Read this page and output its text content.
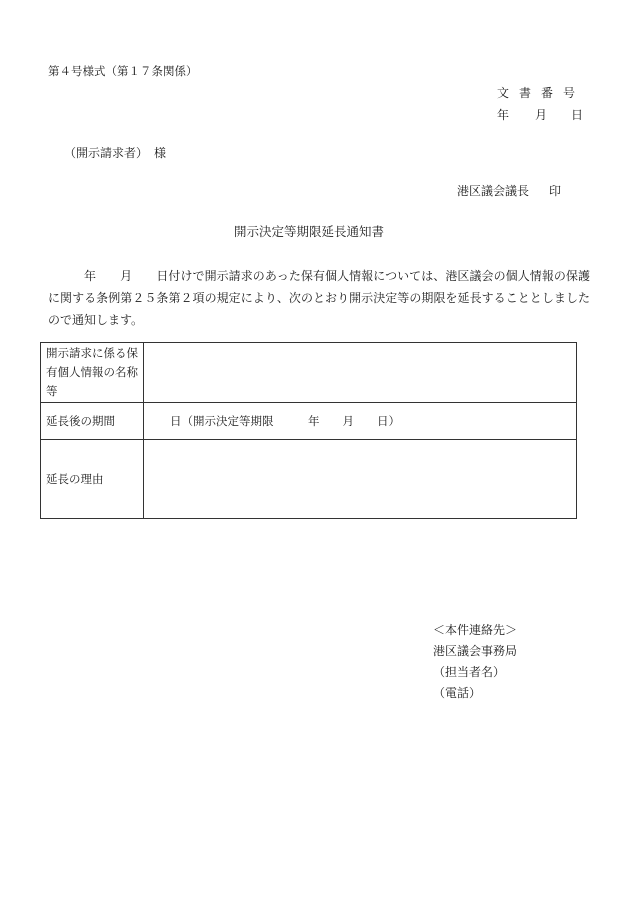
第４号様式（第１７条関係）
文書番号
年 月 日
（開示請求者）　様
港区議会議長 印
開示決定等期限延長通知書
年　　月　　日付けで開示請求のあった保有個人情報については、港区議会の個人情報の保護に関する条例第２５条第２項の規定により、次のとおり開示決定等の期限を延長することとしましたので通知します。
開示請求に係る保有個人情報の名称等	
延長後の期間	日（開示決定等期限　　　年　　月　　日）
延長の理由	
＜本件連絡先＞
港区議会事務局
（担当者名）
（電話）
